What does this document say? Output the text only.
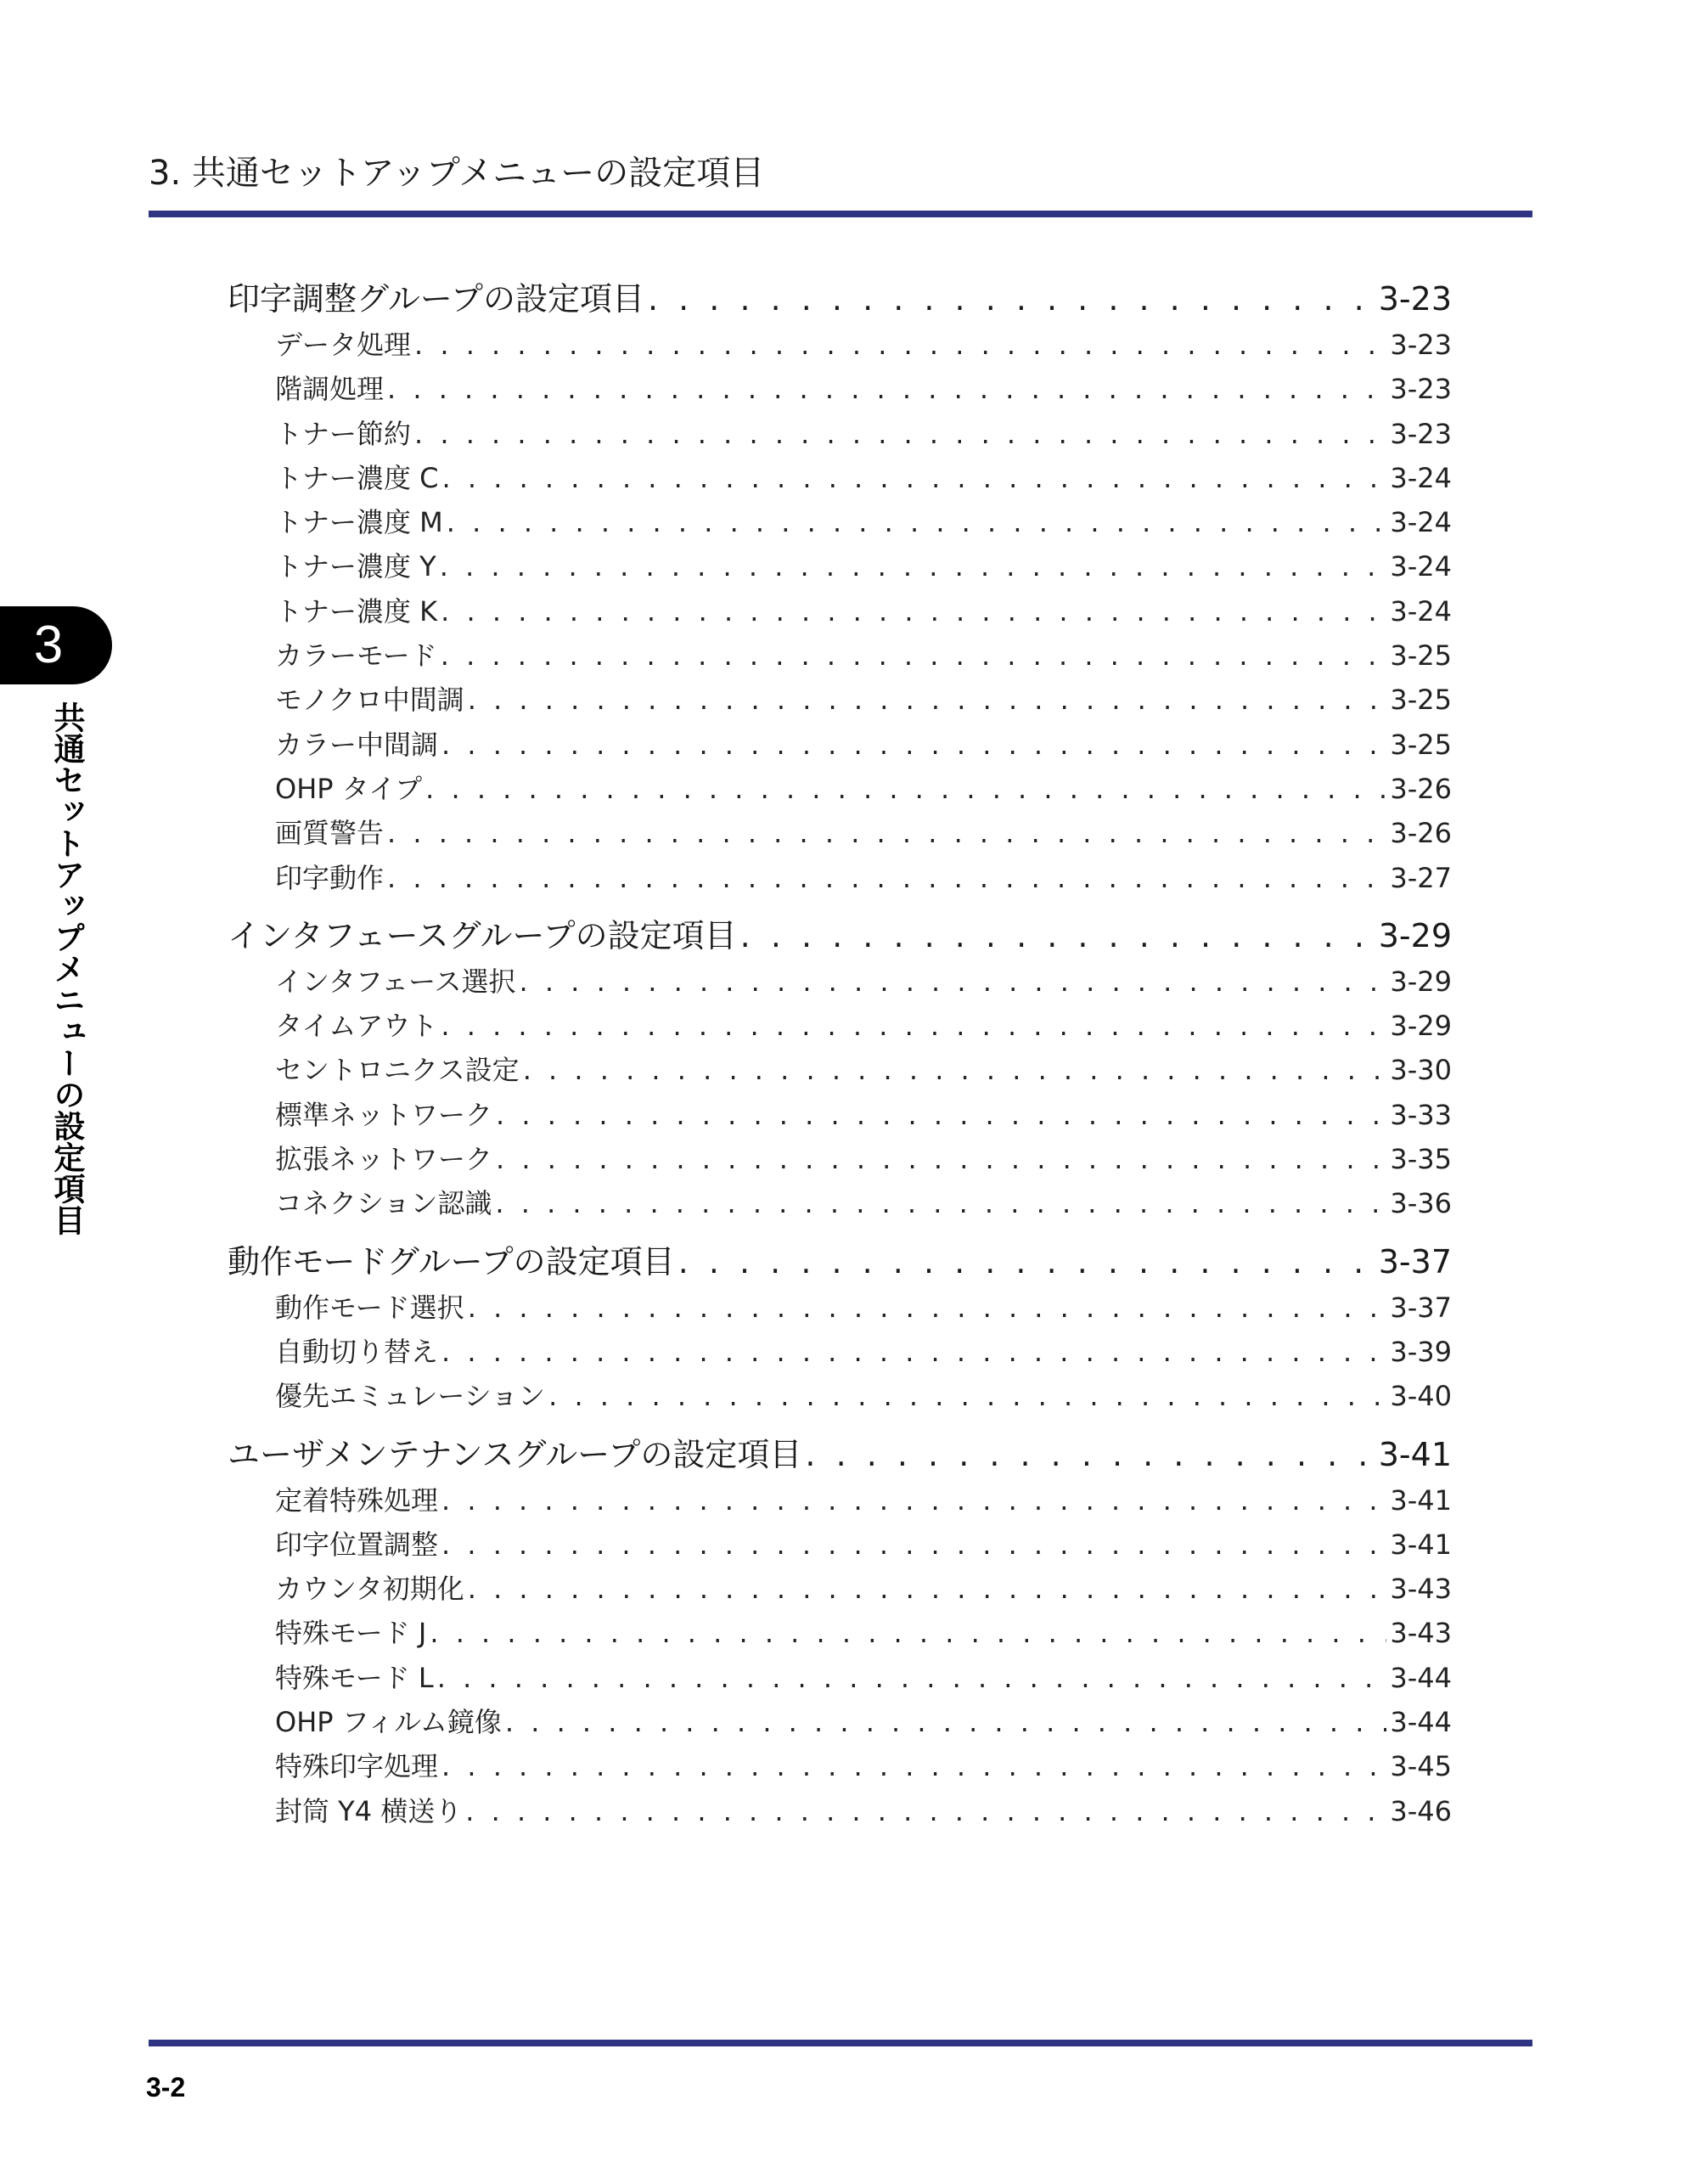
3. 共通セットアップメニューの設定項目
3
共通セットアップメニューの設定項目
印字調整グループの設定項目 . . .	3-23
データ処理 . . .	3-23
階調処理 . . .	3-23
トナー節約 . . .	3-23
トナー濃度 C . . .	3-24
トナー濃度 M . . .	3-24
トナー濃度 Y . . .	3-24
トナー濃度 K . . .	3-24
カラーモード . . .	3-25
モノクロ中間調 . . .	3-25
カラー中間調 . . .	3-25
OHP タイプ . . .	3-26
画質警告 . . .	3-26
印字動作 . . .	3-27
インタフェースグループの設定項目 . . .	3-29
インタフェース選択 . . .	3-29
タイムアウト . . .	3-29
セントロニクス設定 . . .	3-30
標準ネットワーク . . .	3-33
拡張ネットワーク . . .	3-35
コネクション認識 . . .	3-36
動作モードグループの設定項目 . . .	3-37
動作モード選択 . . .	3-37
自動切り替え . . .	3-39
優先エミュレーション . . .	3-40
ユーザメンテナンスグループの設定項目 . . .	3-41
定着特殊処理 . . .	3-41
印字位置調整 . . .	3-41
カウンタ初期化 . . .	3-43
特殊モード J . . .	3-43
特殊モード L . . .	3-44
OHP フィルム鏡像 . . .	3-44
特殊印字処理 . . .	3-45
封筒 Y4 横送り . . .	3-46
3-2
